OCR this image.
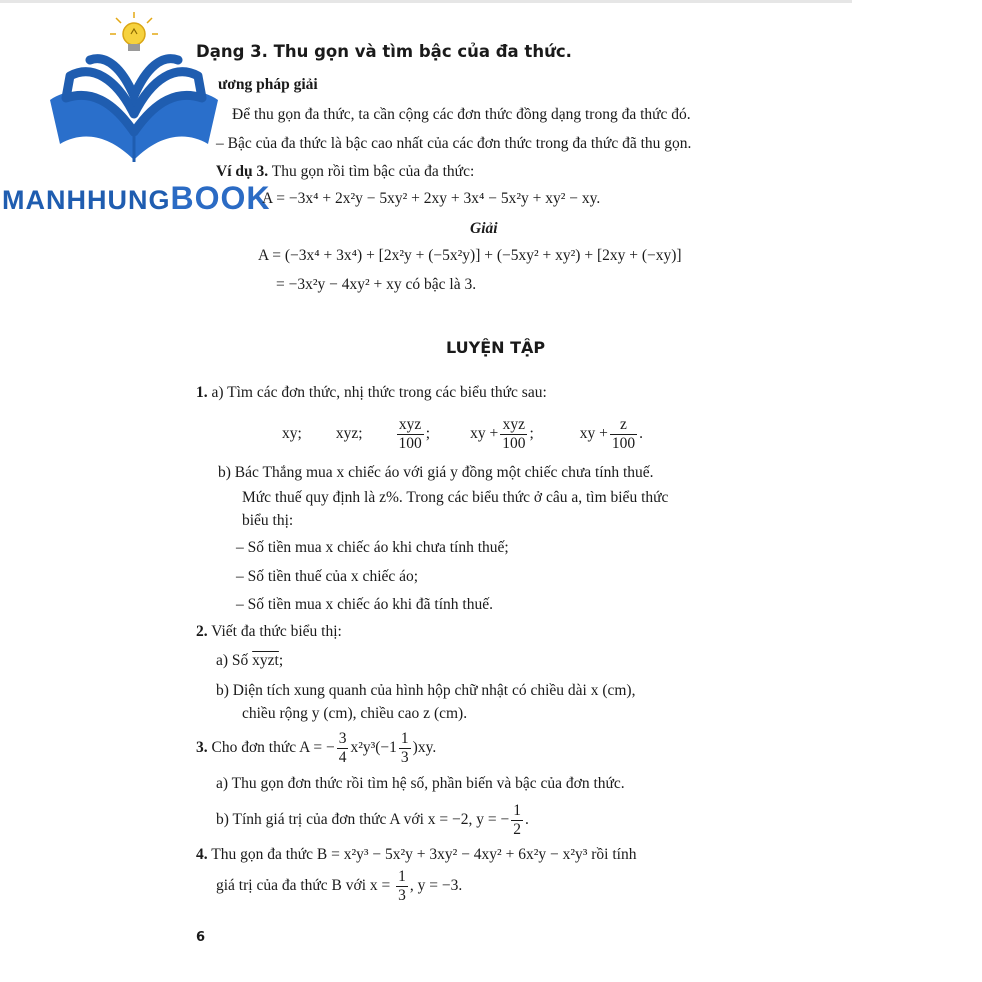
MANHHUNGBOOK
Dạng 3. Thu gọn và tìm bậc của đa thức.
ương pháp giải
Để thu gọn đa thức, ta cần cộng các đơn thức đồng dạng trong đa thức đó.
– Bậc của đa thức là bậc cao nhất của các đơn thức trong đa thức đã thu gọn.
Ví dụ 3. Thu gọn rồi tìm bậc của đa thức:
A = −3x⁴ + 2x²y − 5xy² + 2xy + 3x⁴ − 5x²y + xy² − xy.
Giải
A = (−3x⁴ + 3x⁴) + [2x²y + (−5x²y)] + (−5xy² + xy²) + [2xy + (−xy)]
= −3x²y − 4xy² + xy có bậc là 3.
LUYỆN TẬP
1. a) Tìm các đơn thức, nhị thức trong các biểu thức sau:
xy; xyz; $\frac{\text{xyz}}{100}$ ;	xy + $\frac{\text{xyz}}{100}$ ;	xy + $\frac{z}{100}$ .
b) Bác Thắng mua x chiếc áo với giá y đồng một chiếc chưa tính thuế.
Mức thuế quy định là z%. Trong các biểu thức ở câu a, tìm biểu thức
biểu thị:
– Số tiền mua x chiếc áo khi chưa tính thuế;
– Số tiền thuế của x chiếc áo;
– Số tiền mua x chiếc áo khi đã tính thuế.
2. Viết đa thức biểu thị:
a) Số xyzt;
b) Diện tích xung quanh của hình hộp chữ nhật có chiều dài x (cm),
chiều rộng y (cm), chiều cao z (cm).
3.
Cho đơn thức A = − $\frac{3}{4} x^2y^3(-1 \frac{1}{3} )xy$.
a) Thu gọn đơn thức rồi tìm hệ số, phần biến và bậc của đơn thức.
b) Tính giá trị của đơn thức A với x = −2, y = − $\frac{1}{2}$ .
4. Thu gọn đa thức B = x²y³ − 5x²y + 3xy² − 4xy² + 6x²y − x²y³ rồi tính
giá trị của đa thức B với x =
$\frac{1}{3}$ , y = −3.
6
